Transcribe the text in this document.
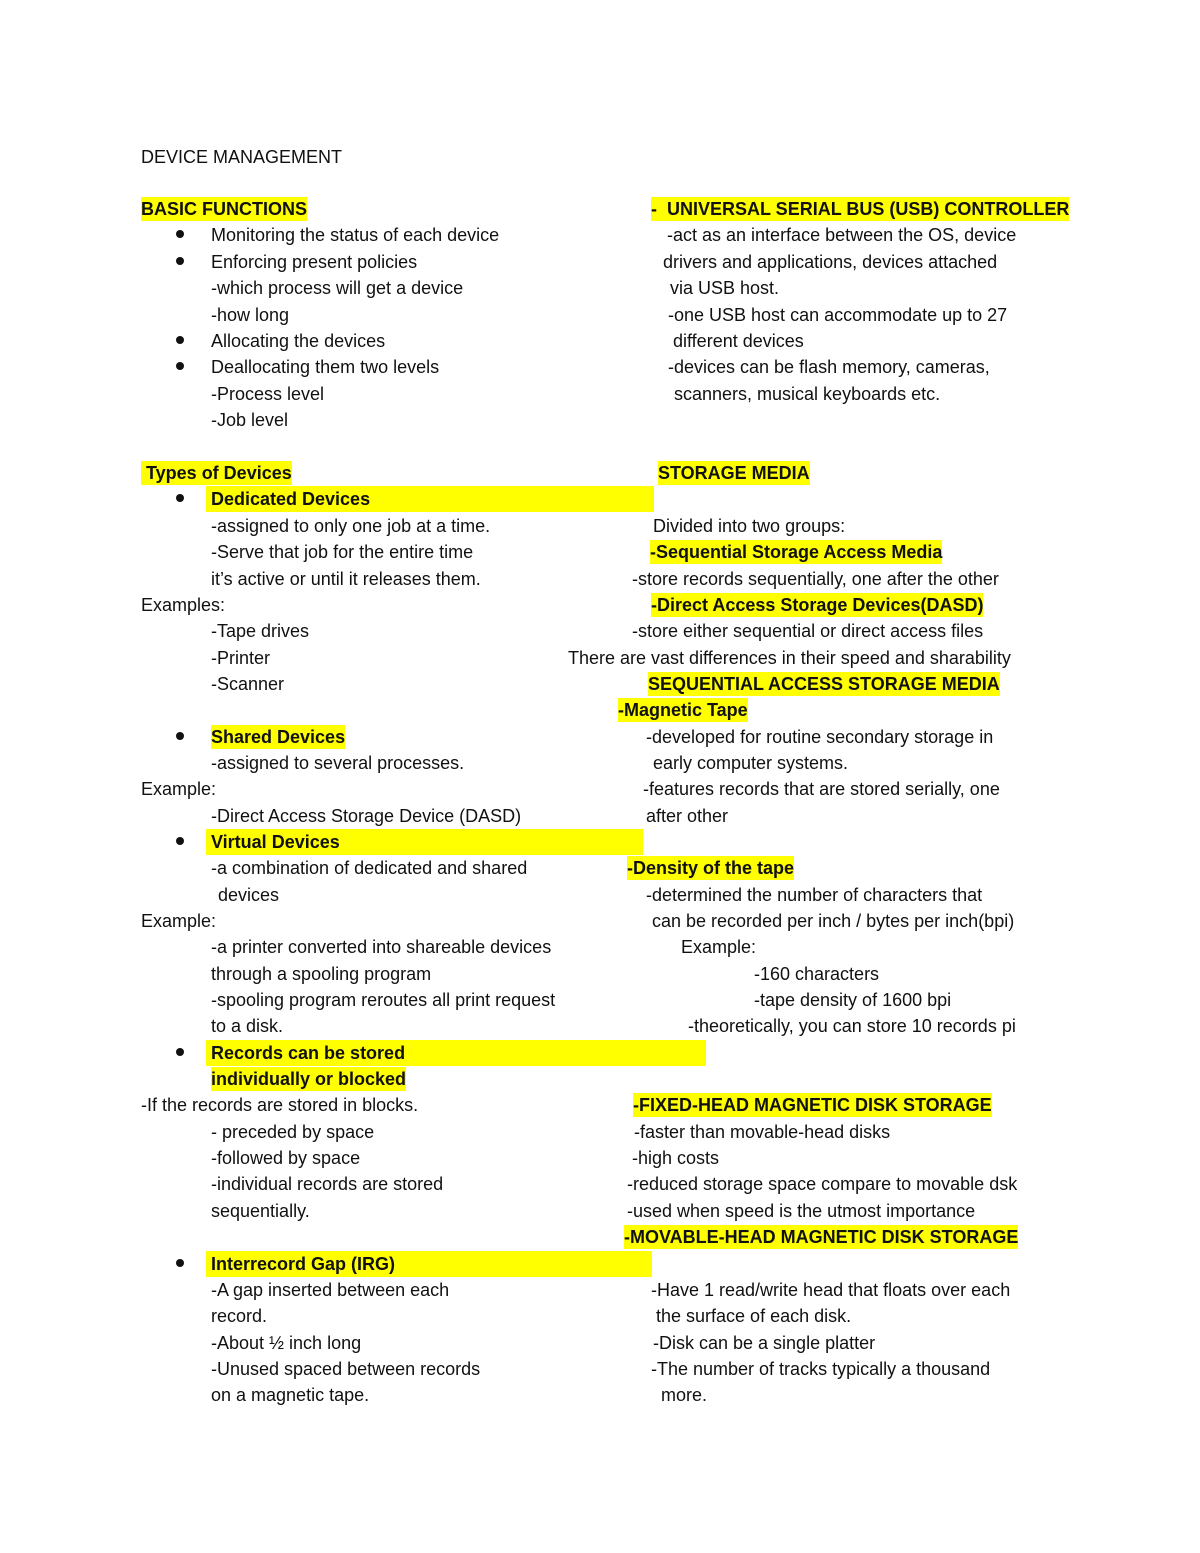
DEVICE MANAGEMENT
BASIC FUNCTIONS
Monitoring the status of each device
Enforcing present policies
-which process will get a device
-how long
Allocating the devices
Deallocating them two levels
-Process level
-Job level
-  UNIVERSAL SERIAL BUS (USB) CONTROLLER
-act as an interface between the OS, device
drivers and applications, devices attached
via USB host.
-one USB host can accommodate up to 27
different devices
-devices can be flash memory, cameras,
scanners, musical keyboards etc.
Types of Devices
Dedicated Devices
-assigned to only one job at a time.
-Serve that job for the entire time
it’s active or until it releases them.
Examples:
-Tape drives
-Printer
-Scanner
STORAGE MEDIA
Divided into two groups:
-Sequential Storage Access Media
-store records sequentially, one after the other
-Direct Access Storage Devices(DASD)
-store either sequential or direct access files
There are vast differences in their speed and sharability
SEQUENTIAL ACCESS STORAGE MEDIA
-Magnetic Tape
-developed for routine secondary storage in
early computer systems.
-features records that are stored serially, one
after other
Shared Devices
-assigned to several processes.
Example:
-Direct Access Storage Device (DASD)
Virtual Devices
-a combination of dedicated and shared
devices
Example:
-a printer converted into shareable devices
through a spooling program
-spooling program reroutes all print request
to a disk.
-Density of the tape
-determined the number of characters that
can be recorded per inch / bytes per inch(bpi)
Example:
-160 characters
-tape density of 1600 bpi
-theoretically, you can store 10 records pi
Records can be stored
individually or blocked
-If the records are stored in blocks.
- preceded by space
-followed by space
-individual records are stored
sequentially.
-FIXED-HEAD MAGNETIC DISK STORAGE
-faster than movable-head disks
-high costs
-reduced storage space compare to movable dsk
-used when speed is the utmost importance
-MOVABLE-HEAD MAGNETIC DISK STORAGE
-Have 1 read/write head that floats over each
the surface of each disk.
-Disk can be a single platter
-The number of tracks typically a thousand
more.
Interrecord Gap (IRG)
-A gap inserted between each
record.
-About ½ inch long
-Unused spaced between records
on a magnetic tape.
